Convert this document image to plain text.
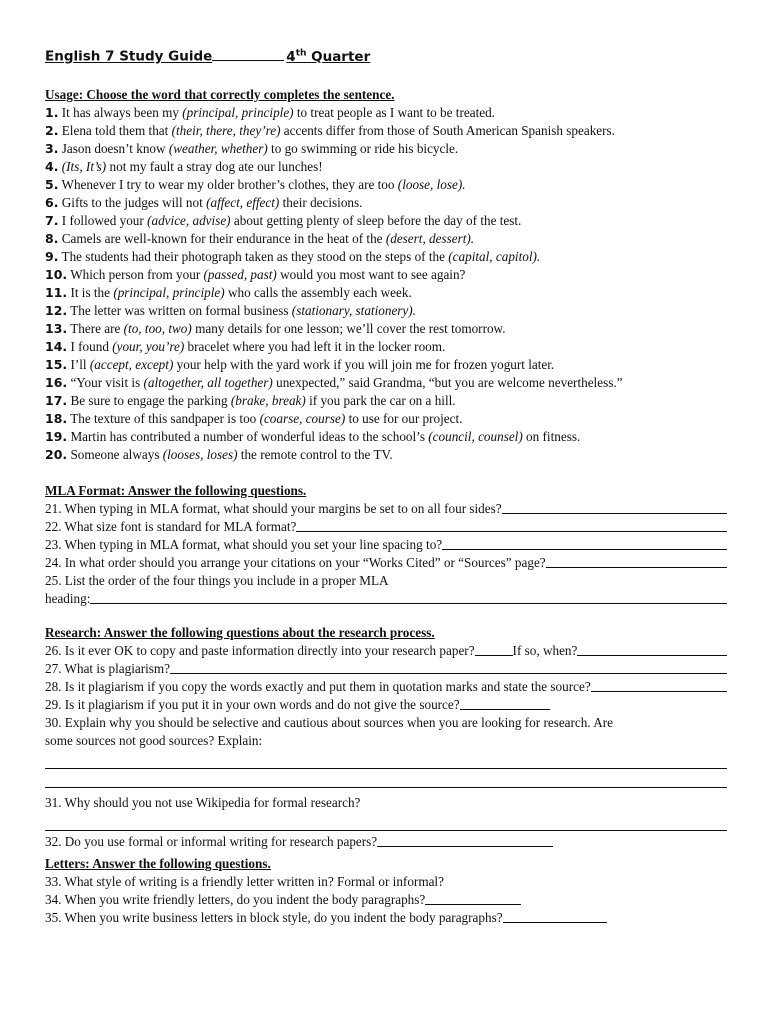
English 7 Study Guide	4th Quarter
Usage: Choose the word that correctly completes the sentence.
1. It has always been my (principal, principle) to treat people as I want to be treated.
2. Elena told them that (their, there, they’re) accents differ from those of South American Spanish speakers.
3. Jason doesn’t know (weather, whether) to go swimming or ride his bicycle.
4. (Its, It’s) not my fault a stray dog ate our lunches!
5. Whenever I try to wear my older brother’s clothes, they are too (loose, lose).
6. Gifts to the judges will not (affect, effect) their decisions.
7. I followed your (advice, advise) about getting plenty of sleep before the day of the test.
8. Camels are well-known for their endurance in the heat of the (desert, dessert).
9. The students had their photograph taken as they stood on the steps of the (capital, capitol).
10. Which person from your (passed, past) would you most want to see again?
11. It is the (principal, principle) who calls the assembly each week.
12. The letter was written on formal business (stationary, stationery).
13. There are (to, too, two) many details for one lesson; we’ll cover the rest tomorrow.
14. I found (your, you’re) bracelet where you had left it in the locker room.
15. I’ll (accept, except) your help with the yard work if you will join me for frozen yogurt later.
16. “Your visit is (altogether, all together) unexpected,” said Grandma, “but you are welcome nevertheless.”
17. Be sure to engage the parking (brake, break) if you park the car on a hill.
18. The texture of this sandpaper is too (coarse, course) to use for our project.
19. Martin has contributed a number of wonderful ideas to the school’s (council, counsel) on fitness.
20. Someone always (looses, loses) the remote control to the TV.
MLA Format: Answer the following questions.
21. When typing in MLA format, what should your margins be set to on all four sides?
22. What size font is standard for MLA format?
23. When typing in MLA format, what should you set your line spacing to?
24. In what order should you arrange your citations on your “Works Cited” or “Sources” page?
25. List the order of the four things you include in a proper MLA
heading:
Research: Answer the following questions about the research process.
26. Is it ever OK to copy and paste information directly into your research paper?	If so, when?
27. What is plagiarism?
28. Is it plagiarism if you copy the words exactly and put them in quotation marks and state the source?
29. Is it plagiarism if you put it in your own words and do not give the source?
30. Explain why you should be selective and cautious about sources when you are looking for research. Are
some sources not good sources? Explain:
31. Why should you not use Wikipedia for formal research?
32. Do you use formal or informal writing for research papers?
Letters: Answer the following questions.
33. What style of writing is a friendly letter written in? Formal or informal?
34. When you write friendly letters, do you indent the body paragraphs?
35. When you write business letters in block style, do you indent the body paragraphs?
